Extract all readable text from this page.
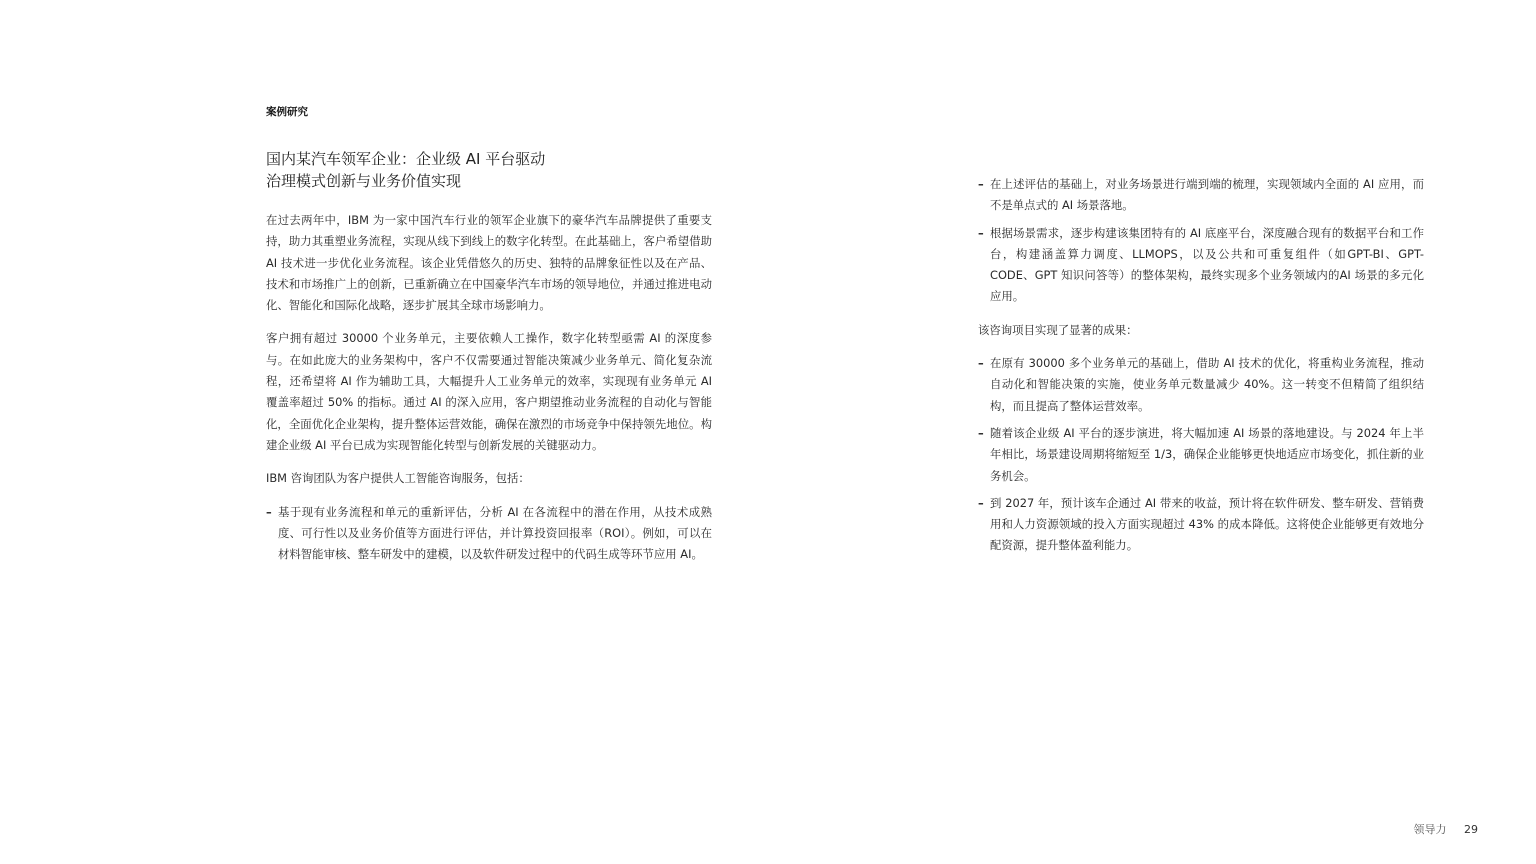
案例研究
国内某汽车领军企业：企业级 AI 平台驱动
治理模式创新与业务价值实现

在过去两年中，IBM 为一家中国汽车行业的领军企业旗下的豪华汽车品牌提供了重要支持，助力其重塑业务流程，实现从线下到线上的数字化转型。在此基础上，客户希望借助AI 技术进一步优化业务流程。该企业凭借悠久的历史、独特的品牌象征性以及在产品、技术和市场推广上的创新，已重新确立在中国豪华汽车市场的领导地位，并通过推进电动化、智能化和国际化战略，逐步扩展其全球市场影响力。

客户拥有超过 30000 个业务单元，主要依赖人工操作，数字化转型亟需 AI 的深度参与。在如此庞大的业务架构中，客户不仅需要通过智能决策减少业务单元、简化复杂流程，还希望将 AI 作为辅助工具，大幅提升人工业务单元的效率，实现现有业务单元 AI 覆盖率超过 50% 的指标。通过 AI 的深入应用，客户期望推动业务流程的自动化与智能化，全面优化企业架构，提升整体运营效能，确保在激烈的市场竞争中保持领先地位。构建企业级 AI 平台已成为实现智能化转型与创新发展的关键驱动力。

IBM 咨询团队为客户提供人工智能咨询服务，包括：

– 基于现有业务流程和单元的重新评估，分析 AI 在各流程中的潜在作用，从技术成熟度、可行性以及业务价值等方面进行评估，并计算投资回报率（ROI）。例如，可以在材料智能审核、整车研发中的建模，以及软件研发过程中的代码生成等环节应用 AI。
– 在上述评估的基础上，对业务场景进行端到端的梳理，实现领域内全面的 AI 应用，而不是单点式的 AI 场景落地。
– 根据场景需求，逐步构建该集团特有的 AI 底座平台，深度融合现有的数据平台和工作台，构建涵盖算力调度、LLMOPS，以及公共和可重复组件（如GPT-BI、GPT-CODE、GPT 知识问答等）的整体架构，最终实现多个业务领域内的AI 场景的多元化应用。

该咨询项目实现了显著的成果：

– 在原有 30000 多个业务单元的基础上，借助 AI 技术的优化，将重构业务流程，推动自动化和智能决策的实施，使业务单元数量减少 40%。这一转变不但精简了组织结构，而且提高了整体运营效率。
– 随着该企业级 AI 平台的逐步演进，将大幅加速 AI 场景的落地建设。与 2024 年上半年相比，场景建设周期将缩短至 1/3，确保企业能够更快地适应市场变化，抓住新的业务机会。
– 到 2027 年，预计该车企通过 AI 带来的收益，预计将在软件研发、整车研发、营销费用和人力资源领域的投入方面实现超过 43% 的成本降低。这将使企业能够更有效地分配资源，提升整体盈利能力。
领导力 29
